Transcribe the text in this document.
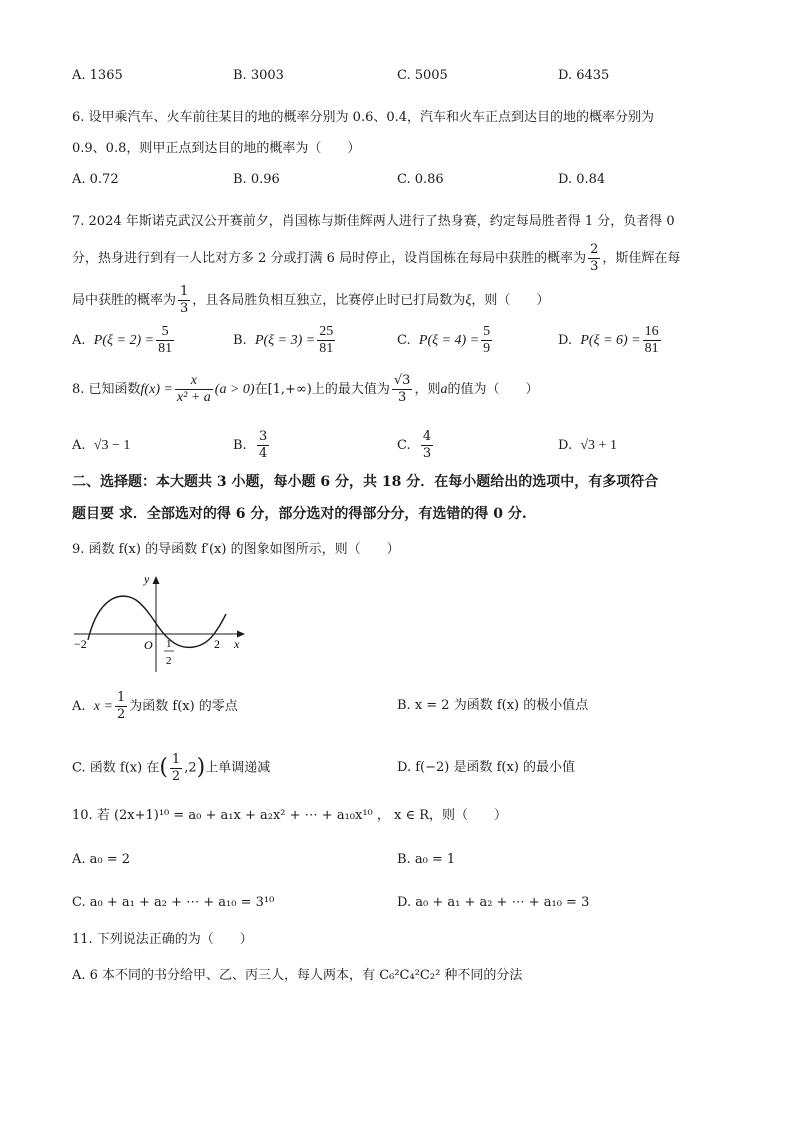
A. 1365	B. 3003	C. 5005	D. 6435
6. 设甲乘汽车、火车前往某目的地的概率分别为 0.6、0.4，汽车和火车正点到达目的地的概率分别为
0.9、0.8，则甲正点到达目的地的概率为（　　）
A. 0.72	B. 0.96	C. 0.86	D. 0.84
7. 2024 年斯诺克武汉公开赛前夕，肖国栋与斯佳辉两人进行了热身赛，约定每局胜者得 1 分，负者得 0
分，热身进行到有一人比对方多 2 分或打满 6 局时停止，设肖国栋在每局中获胜的概率为 $\frac{2}{3}$ ，斯佳辉在每
局中获胜的概率为 $\frac{1}{3}$ ，且各局胜负相互独立，比赛停止时已打局数为ξ，则（　　）
A. $P(\xi = 2) = \frac{5}{81}$	B. $P(\xi = 3) = \frac{25}{81}$	C. $P(\xi = 4) = \frac{5}{9}$	D. $P(\xi = 6) = \frac{16}{81}$
8. 已知函数$f(x) = \frac{x}{\text{x² + a}} (a > 0)$在[1,+∞)上的最大值为 $\frac{√3}{3}$ ，则a的值为（　　）
A. √3 − 1	B. $\frac{3}{4}$	C. $\frac{4}{3}$	D. √3 + 1
二、选择题：本大题共 3 小题，每小题 6 分，共 18 分．在每小题给出的选项中，有多项符合
题目要 求．全部选对的得 6 分，部分选对的得部分分，有选错的得 0 分.
9. 函数 f(x) 的导函数 f′(x) 的图象如图所示，则（　　）
y
x
−2	O 1
2
2
A. $x = \frac{1}{2}$ 为函数 f(x) 的零点	B. x = 2 为函数 f(x) 的极小值点
C. 函数 f(x) 在( $\frac{1}{2} ,2$)上单调递减	D. f(−2) 是函数 f(x) 的最小值
10. 若 (2x+1)¹⁰ = a₀ + a₁x + a₂x² + ⋯ + a₁₀x¹⁰ ， x ∈ R，则（　　）
A. a₀ = 2	B. a₀ = 1
C. a₀ + a₁ + a₂ + ⋯ + a₁₀ = 3¹⁰	D. a₀ + a₁ + a₂ + ⋯ + a₁₀ = 3
11. 下列说法正确的为（　　）
A. 6 本不同的书分给甲、乙、丙三人，每人两本，有 C₆²C₄²C₂² 种不同的分法
